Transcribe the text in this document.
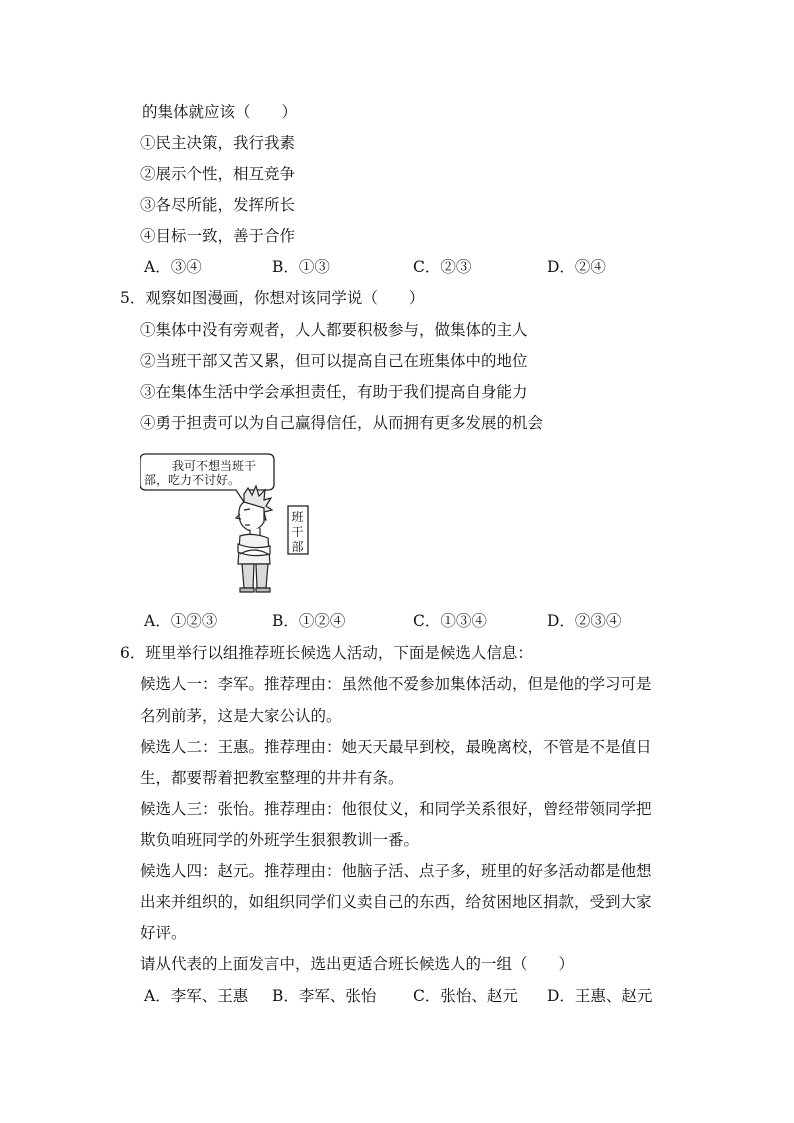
的集体就应该（　　）
①民主决策，我行我素
②展示个性，相互竞争
③各尽所能，发挥所长
④目标一致，善于合作
A．③④	B．①③	C．②③	D．②④
5．观察如图漫画，你想对该同学说（　　）
①集体中没有旁观者，人人都要积极参与，做集体的主人
②当班干部又苦又累，但可以提高自己在班集体中的地位
③在集体生活中学会承担责任，有助于我们提高自身能力
④勇于担责可以为自己赢得信任，从而拥有更多发展的机会
我可不想当班干
部，吃力不讨好。
班
干
部
A．①②③	B．①②④	C．①③④	D．②③④
6．班里举行以组推荐班长候选人活动，下面是候选人信息：
候选人一：李军。推荐理由：虽然他不爱参加集体活动，但是他的学习可是
名列前茅，这是大家公认的。
候选人二：王惠。推荐理由：她天天最早到校，最晚离校，不管是不是值日
生，都要帮着把教室整理的井井有条。
候选人三：张怡。推荐理由：他很仗义，和同学关系很好，曾经带领同学把
欺负咱班同学的外班学生狠狠教训一番。
候选人四：赵元。推荐理由：他脑子活、点子多，班里的好多活动都是他想
出来并组织的，如组织同学们义卖自己的东西，给贫困地区捐款，受到大家
好评。
请从代表的上面发言中，选出更适合班长候选人的一组（　　）
A．李军、王惠 B．李军、张怡 C．张怡、赵元 D．王惠、赵元
